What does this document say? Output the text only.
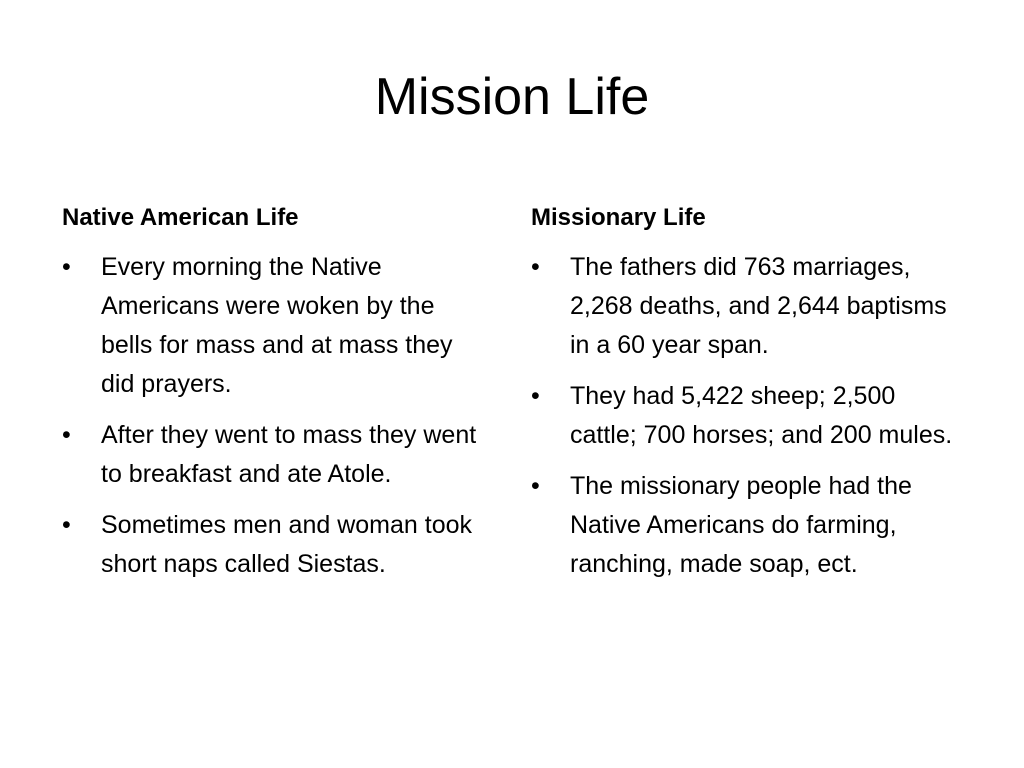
Mission Life
Native American Life
•	Every morning the Native Americans were woken by the bells for mass and at mass they did prayers.
•	After they went to mass they went to breakfast and ate Atole.
•	Sometimes men and woman took short naps called Siestas.
Missionary Life
•	The fathers did 763 marriages, 2,268 deaths, and 2,644 baptisms in a 60 year span.
•	They had 5,422 sheep; 2,500 cattle; 700 horses; and 200 mules.
•	The missionary people had the Native Americans do farming, ranching, made soap, ect.
